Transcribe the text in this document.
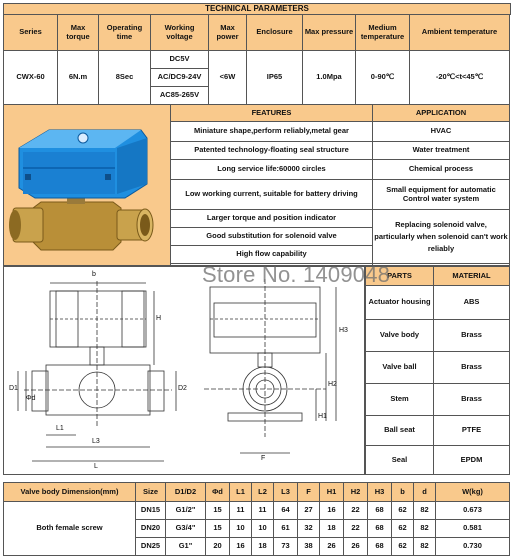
TECHNICAL PARAMETERS
Series	Max torque	Operating time	Working voltage	Max power	Enclosure	Max pressure	Medium temperature	Ambient temperature
CWX-60	6N.m	8Sec	DC5V	<6W	IP65	1.0Mpa	0-90℃	-20℃<t<45℃
			AC/DC9-24V					
			AC85-265V					
	FEATURES	APPLICATION
	Miniature shape,perform reliably,metal gear	HVAC
	Patented technology-floating seal structure	Water treatment
	Long service life:60000 circles	Chemical process
	Low working current, suitable for battery driving	Small equipment for automatic Control water system
	Larger torque and position indicator	Replacing solenoid valve, particularly when solenoid can't work reliably
	Good substitution for solenoid valve	
	High flow capability	

b
H
D1
Φd
D2
L1
L3
L
F
H3
H2
H1
PARTS	MATERIAL
Actuator housing	ABS
Valve body	Brass
Valve ball	Brass
Stem	Brass
Ball seat	PTFE
Seal	EPDM
Store No. 1409048
Valve body Dimension(mm)	Size	D1/D2	Φd	L1	L2	L3	F	H1	H2	H3	b	d	W(kg)
Both female screw	DN15	G1/2"	15	11	11	64	27	16	22	68	62	82	0.673
	DN20	G3/4"	15	10	10	61	32	18	22	68	62	82	0.581
	DN25	G1"	20	16	18	73	38	26	26	68	62	82	0.730
